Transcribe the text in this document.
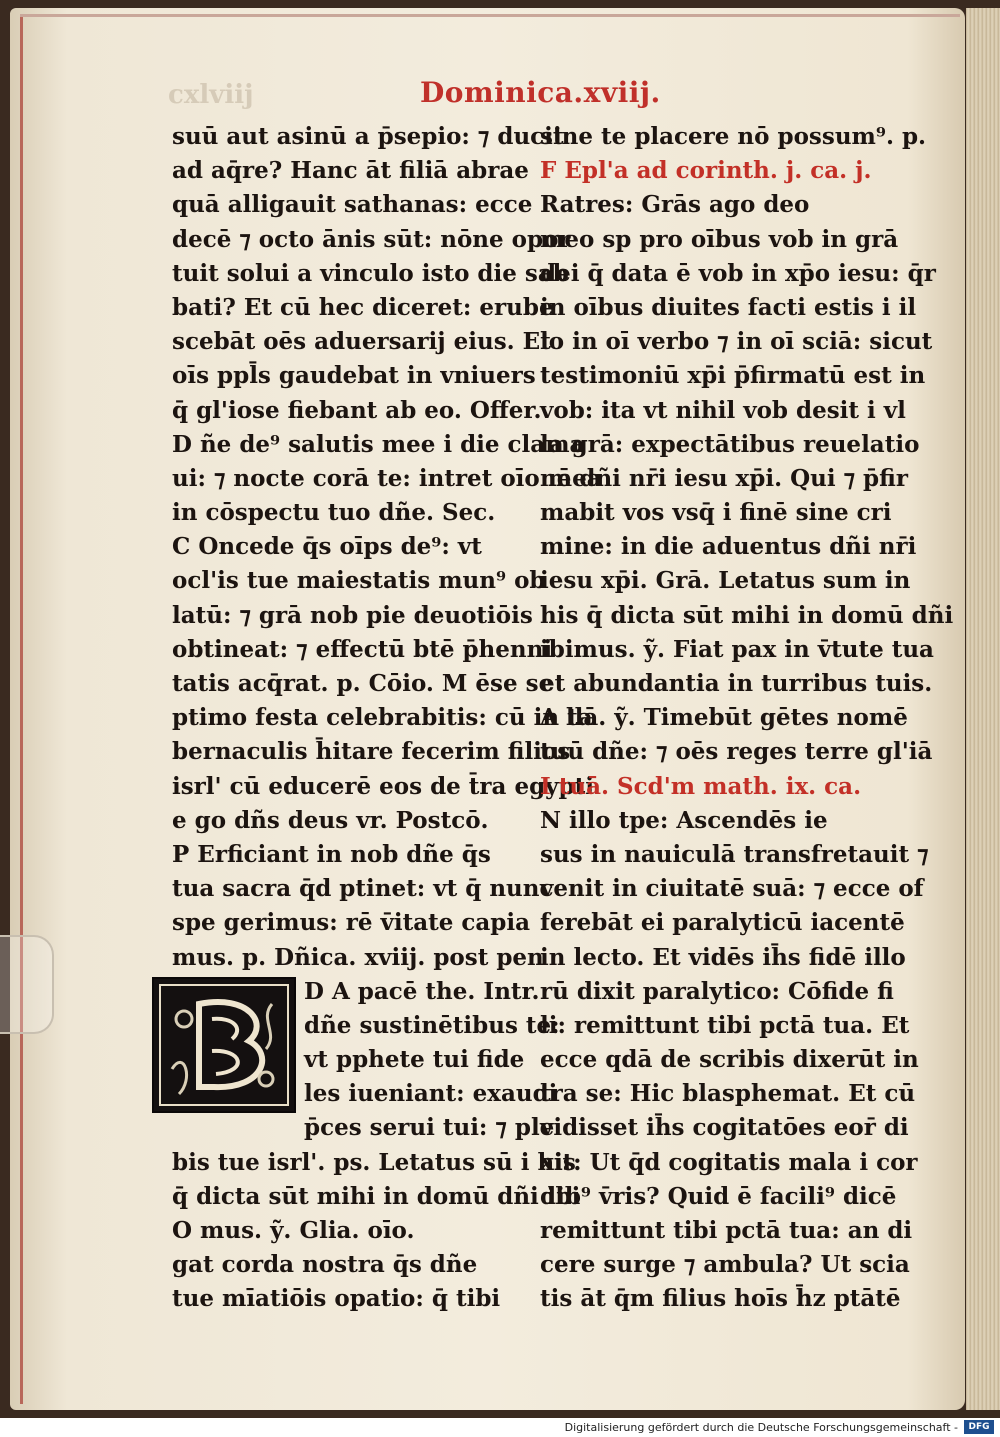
cxlviij	Dominica.xviij.
suū aut asinū a p̄sepio: ⁊ ducit
ad aq̄re? Hanc āt filiā abrae
quā alligauit sathanas: ecce
decē ⁊ octo ānis sūt: nōne opor
tuit solui a vinculo isto die sab
bati? Et cū hec diceret: erube
scebāt oēs aduersarij eius. Et
oīs ppl̄s gaudebat in vniuers
q̄ gl'iose fiebant ab eo. Offer.
D ñe de⁹ salutis mee i die clama
ui: ⁊ nocte corā te: intret oīo mea
in cōspectu tuo dñe. Sec.
C Oncede q̄s oīps de⁹: vt
ocl'is tue maiestatis mun⁹ ob
latū: ⁊ grā nob pie deuotiōis
obtineat: ⁊ effectū btē p̄henni
tatis acq̄rat. p. Cōio. M ēse se
ptimo festa celebrabitis: cū in ta
bernaculis h̄itare fecerim filios
isrl' cū educerē eos de t̄ra egypti
e go dñs deus vr. Postcō.
P Erficiant in nob dñe q̄s
tua sacra q̄d ptinet: vt q̄ nunc
spe gerimus: rē v̄itate capia
mus. p. Dñica. xviij. post pen
D A pacē the. Intr.
dñe sustinētibus te:
vt pphete tui fide
les iueniant: exaudi
p̄ces serui tui: ⁊ ple
bis tue isrl'. ps. Letatus sū i his
q̄ dicta sūt mihi in domū dñi ibi
O mus. ỹ. Glia. oīo.
gat corda nostra q̄s dñe
tue mīatiōis opatio: q̄ tibi
sine te placere nō possum⁹. p.
F Epl'a ad corinth. j. ca. j.
Ratres: Grās ago deo
meo sp pro oībus vob in grā
dei q̄ data ē vob in xp̄o iesu: q̄r
in oībus diuites facti estis i il
lo in oī verbo ⁊ in oī sciā: sicut
testimoniū xp̄i p̄firmatū est in
vob: ita vt nihil vob desit i vl
la grā: expectātibus reuelatio
nē dñi nr̄i iesu xp̄i. Qui ⁊ p̄fir
mabit vos vsq̄ i finē sine cri
mine: in die aduentus dñi nr̄i
iesu xp̄i. Grā. Letatus sum in
his q̄ dicta sūt mihi in domū dñi
ibimus. ỹ. Fiat pax in v̄tute tua
et abundantia in turribus tuis.
A llā. ỹ. Timebūt gētes nomē
tuū dñe: ⁊ oēs reges terre gl'iā
I tuā. Scd'm math. ix. ca.
N illo tpe: Ascendēs ie
sus in nauiculā transfretauit ⁊
venit in ciuitatē suā: ⁊ ecce of
ferebāt ei paralyticū iacentē
in lecto. Et vidēs ih̄s fidē illo
rū dixit paralytico: Cōfide fi
li: remittunt tibi pctā tua. Et
ecce qdā de scribis dixerūt in
tra se: Hic blasphemat. Et cū
vidisset ih̄s cogitatōes eor̄ di
xit: Ut q̄d cogitatis mala i cor
dib⁹ v̄ris? Quid ē facili⁹ dicē
remittunt tibi pctā tua: an di
cere surge ⁊ ambula? Ut scia
tis āt q̄m filius hoīs h̄z ptātē
Digitalisierung gefördert durch die Deutsche Forschungsgemeinschaft -	DFG
